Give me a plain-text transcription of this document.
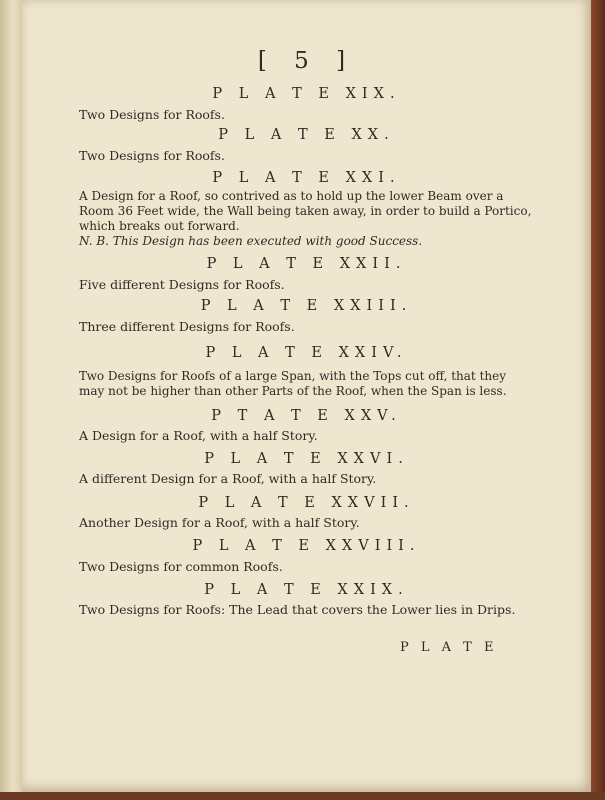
[ 5 ]
P L A T E XIX.
Two Designs for Roofs.
P L A T E XX.
Two Designs for Roofs.
P L A T E XXI.
A Design for a Roof, so contrived as to hold up the lower Beam over a
Room 36 Feet wide, the Wall being taken away, in order to build a Portico,
which breaks out forward.
N. B. This Design has been executed with good Success.
P L A T E XXII.
Five different Designs for Roofs.
P L A T E XXIII.
Three different Designs for Roofs.
P L A T E XXIV.
Two Designs for Roofs of a large Span, with the Tops cut off, that they
may not be higher than other Parts of the Roof, when the Span is less.
P T A T E XXV.
A Design for a Roof, with a half Story.
P L A T E XXVI.
A different Design for a Roof, with a half Story.
P L A T E XXVII.
Another Design for a Roof, with a half Story.
P L A T E XXVIII.
Two Designs for common Roofs.
P L A T E XXIX.
Two Designs for Roofs: The Lead that covers the Lower lies in Drips.
P L A T E
